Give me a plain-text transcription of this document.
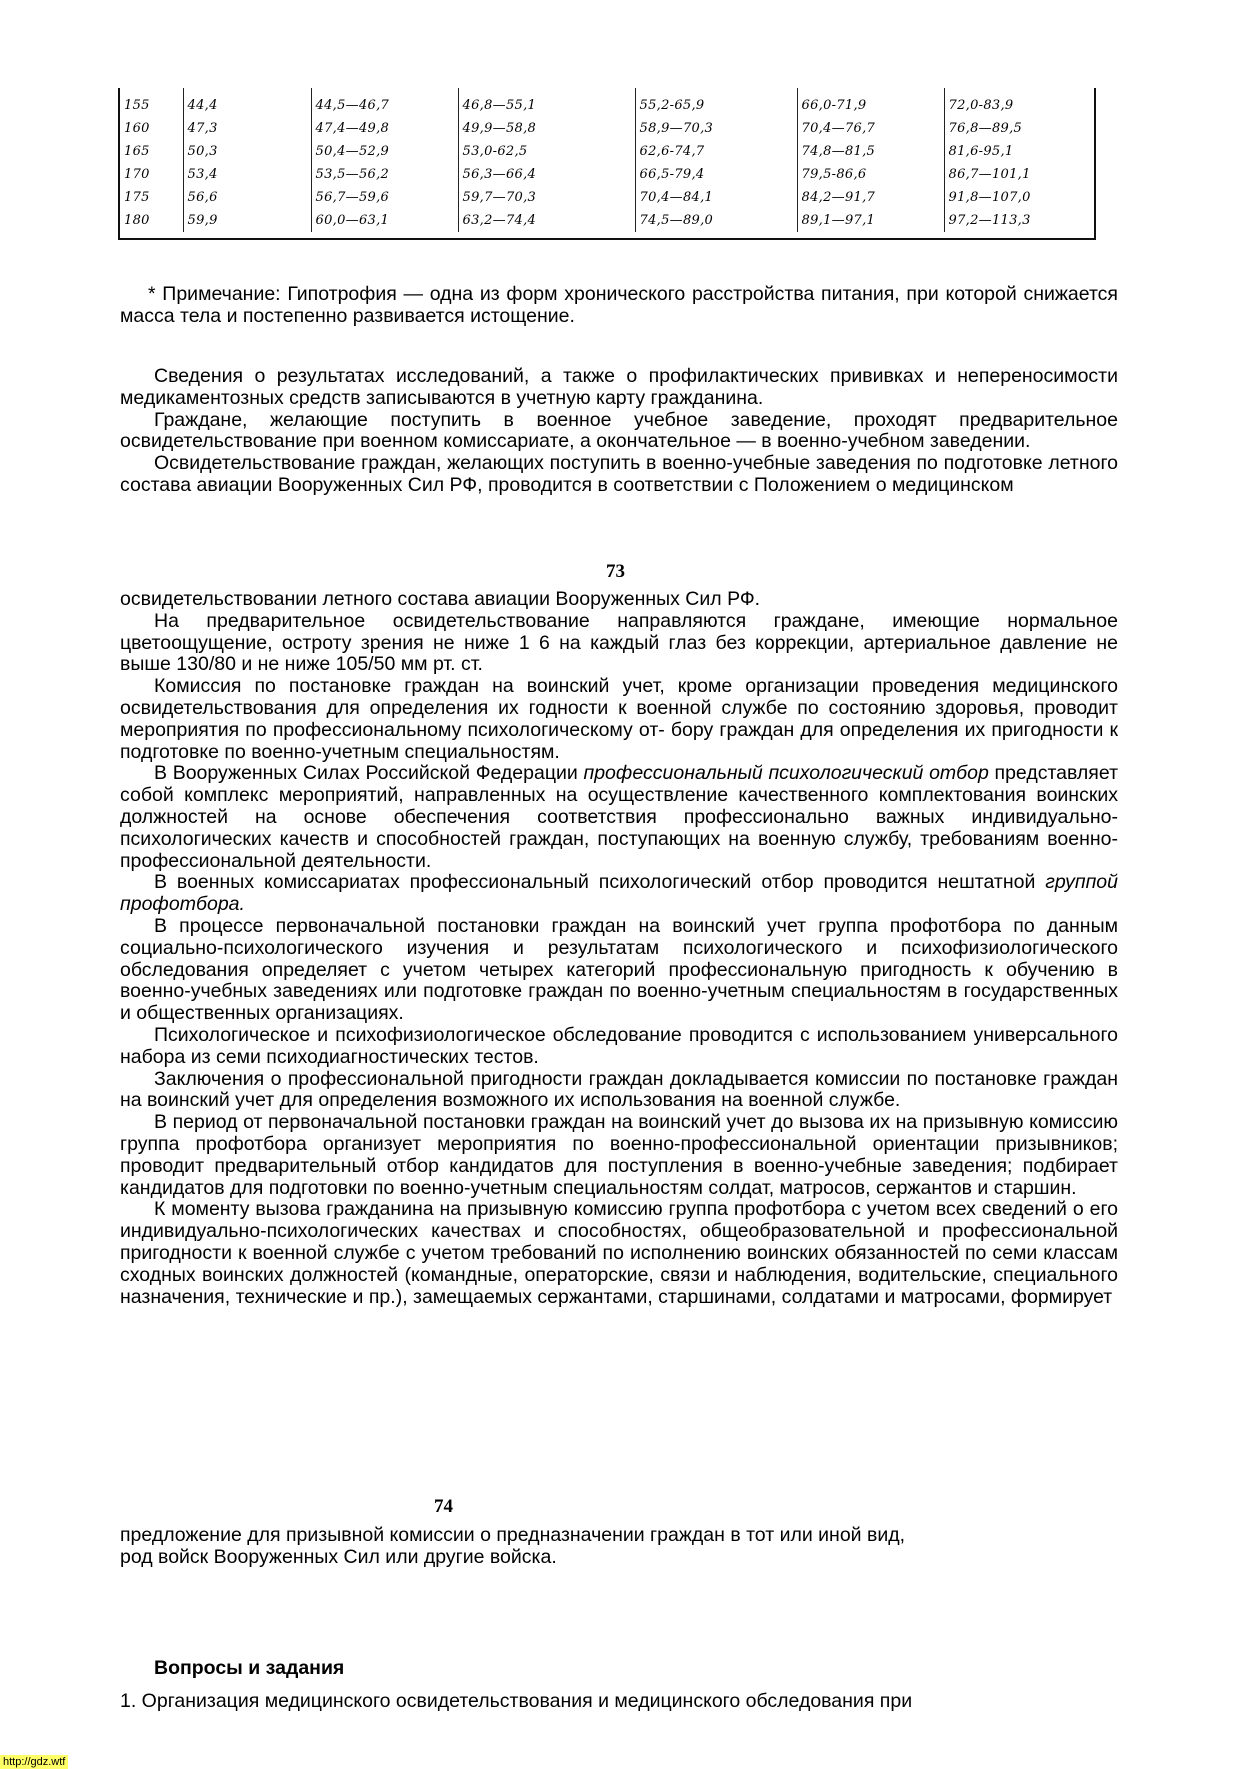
155	44,4	44,5—46,7	46,8—55,1	55,2-65,9	66,0-71,9	72,0-83,9
160	47,3	47,4—49,8	49,9—58,8	58,9—70,3	70,4—76,7	76,8—89,5
165	50,3	50,4—52,9	53,0-62,5	62,6-74,7	74,8—81,5	81,6-95,1
170	53,4	53,5—56,2	56,3—66,4	66,5-79,4	79,5-86,6	86,7—101,1
175	56,6	56,7—59,6	59,7—70,3	70,4—84,1	84,2—91,7	91,8—107,0
180	59,9	60,0—63,1	63,2—74,4	74,5—89,0	89,1—97,1	97,2—113,3

* Примечание: Гипотрофия — одна из форм хронического расстройства питания, при которой снижается масса тела и постепенно развивается истощение.

Сведения о результатах исследований, а также о профилактических прививках и непереносимости медикаментозных средств записываются в учетную карту гражданина.

Граждане, желающие поступить в военное учебное заведение, проходят предварительное освидетельствование при военном комиссариате, а окончательное — в военно-учебном заведении.

Освидетельствование граждан, желающих поступить в военно-учебные заведения по подготовке летного состава авиации Вооруженных Сил РФ, проводится в соответствии с Положением о медицинском

73

освидетельствовании летного состава авиации Вооруженных Сил РФ.

На предварительное освидетельствование направляются граждане, имеющие нормальное цветоощущение, остроту зрения не ниже 1 6 на каждый глаз без коррекции, артериальное давление не выше 130/80 и не ниже 105/50 мм рт. ст.

Комиссия по постановке граждан на воинский учет, кроме организации проведения медицинского освидетельствования для определения их годности к военной службе по состоянию здоровья, проводит мероприятия по профессиональному психологическому от- бору граждан для определения их пригодности к подготовке по военно-учетным специальностям.

В Вооруженных Силах Российской Федерации профессиональный психологический отбор представляет собой комплекс мероприятий, направленных на осуществление качественного комплектования воинских должностей на основе обеспечения соответствия профессионально важных индивидуально-психологических качеств и способностей граждан, поступающих на военную службу, требованиям военно-профессиональной деятельности.

В военных комиссариатах профессиональный психологический отбор проводится нештатной группой профотбора.

В процессе первоначальной постановки граждан на воинский учет группа профотбора по данным социально-психологического изучения и результатам психологического и психофизиологического обследования определяет с учетом четырех категорий профессиональную пригодность к обучению в военно-учебных заведениях или подготовке граждан по военно-учетным специальностям в государственных и общественных организациях.

Психологическое и психофизиологическое обследование проводится с использованием универсального набора из семи психодиагностических тестов.

Заключения о профессиональной пригодности граждан докладывается комиссии по постановке граждан на воинский учет для определения возможного их использования на военной службе.

В период от первоначальной постановки граждан на воинский учет до вызова их на призывную комиссию группа профотбора организует мероприятия по военно-профессиональной ориентации призывников; проводит предварительный отбор кандидатов для поступления в военно-учебные заведения; подбирает кандидатов для подготовки по военно-учетным специальностям солдат, матросов, сержантов и старшин.

К моменту вызова гражданина на призывную комиссию группа профотбора с учетом всех сведений о его индивидуально-психологических качествах и способностях, общеобразовательной и профессиональной пригодности к военной службе с учетом требований по исполнению воинских обязанностей по семи классам сходных воинских должностей (командные, операторские, связи и наблюдения, водительские, специального назначения, технические и пр.), замещаемых сержантами, старшинами, солдатами и матросами, формирует

74

предложение для призывной комиссии о предназначении граждан в тот или иной вид,

род войск Вооруженных Сил или другие войска.

Вопросы и задания

1. Организация медицинского освидетельствования и медицинского обследования при

http://gdz.wtf
